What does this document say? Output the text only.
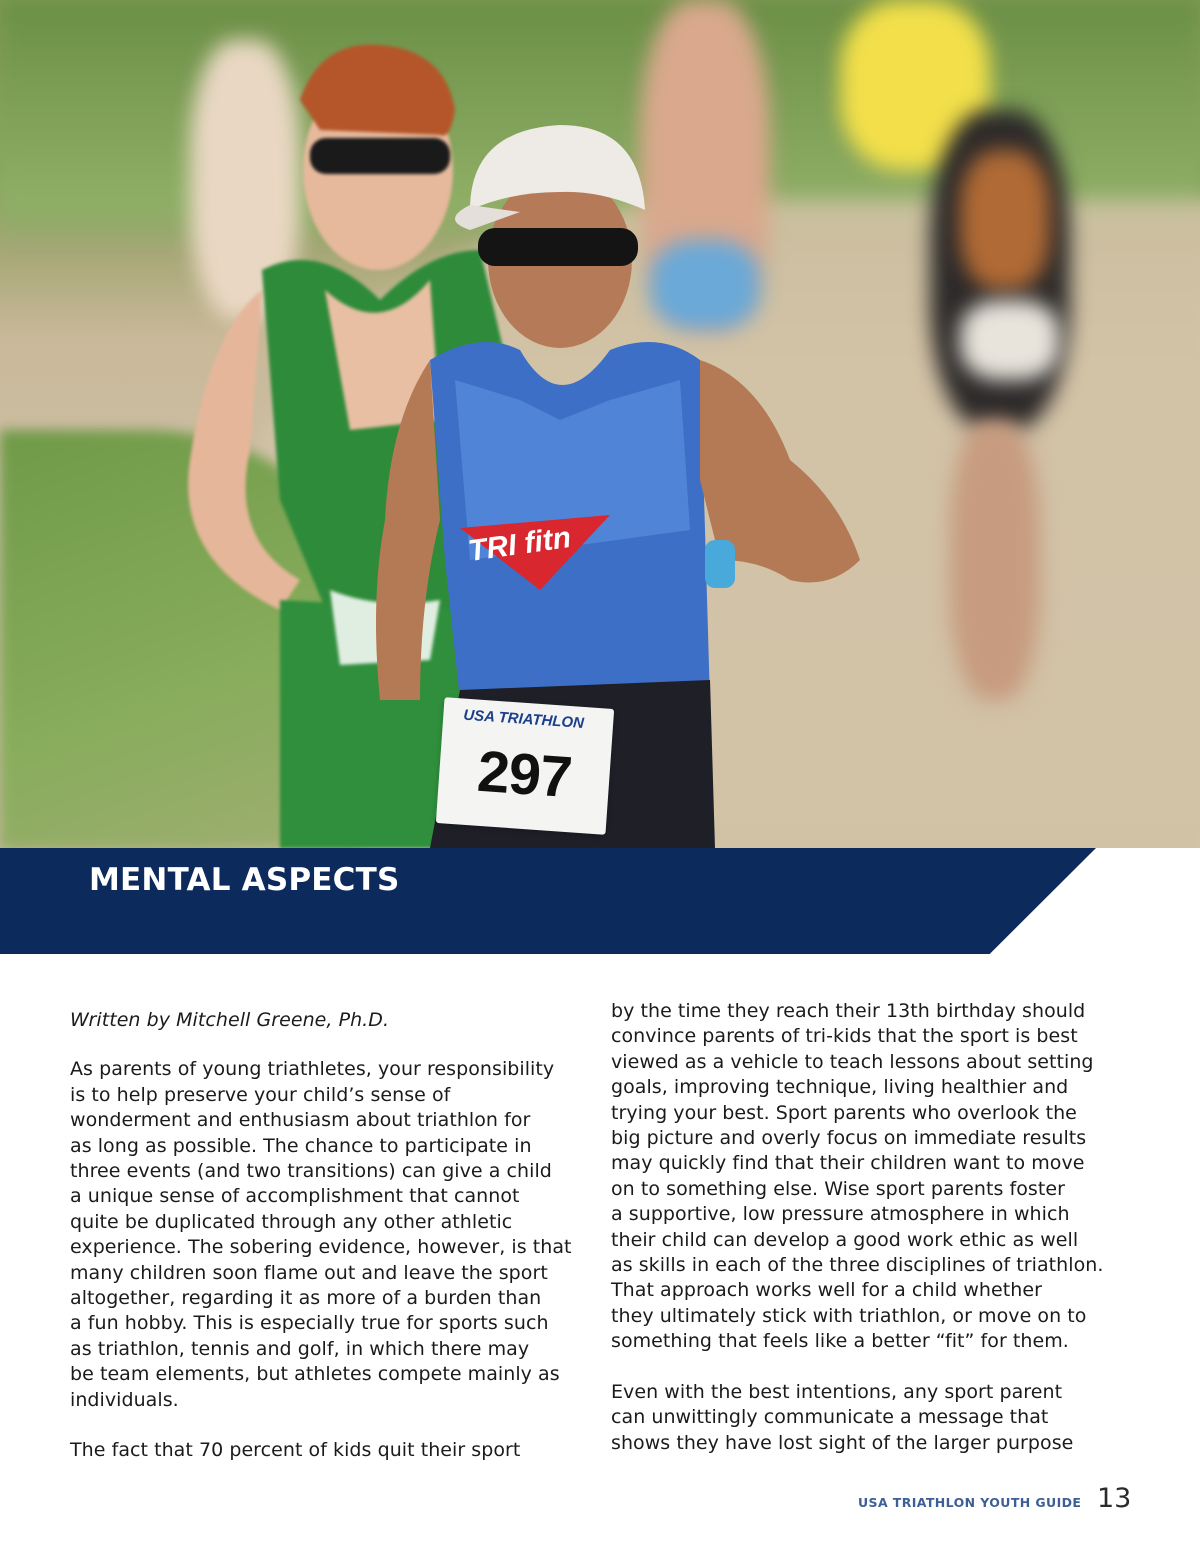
USA TRIATHLON
297
TRI fitn
MENTAL ASPECTS
Written by Mitchell Greene, Ph.D.
As parents of young triathletes, your responsibility
is to help preserve your child’s sense of
wonderment and enthusiasm about triathlon for
as long as possible. The chance to participate in
three events (and two transitions) can give a child
a unique sense of accomplishment that cannot
quite be duplicated through any other athletic
experience. The sobering evidence, however, is that
many children soon flame out and leave the sport
altogether, regarding it as more of a burden than
a fun hobby. This is especially true for sports such
as triathlon, tennis and golf, in which there may
be team elements, but athletes compete mainly as
individuals.
The fact that 70 percent of kids quit their sport
by the time they reach their 13th birthday should
convince parents of tri-kids that the sport is best
viewed as a vehicle to teach lessons about setting
goals, improving technique, living healthier and
trying your best. Sport parents who overlook the
big picture and overly focus on immediate results
may quickly find that their children want to move
on to something else. Wise sport parents foster
a supportive, low pressure atmosphere in which
their child can develop a good work ethic as well
as skills in each of the three disciplines of triathlon.
That approach works well for a child whether
they ultimately stick with triathlon, or move on to
something that feels like a better “fit” for them.
Even with the best intentions, any sport parent
can unwittingly communicate a message that
shows they have lost sight of the larger purpose
USA TRIATHLON YOUTH GUIDE 13
